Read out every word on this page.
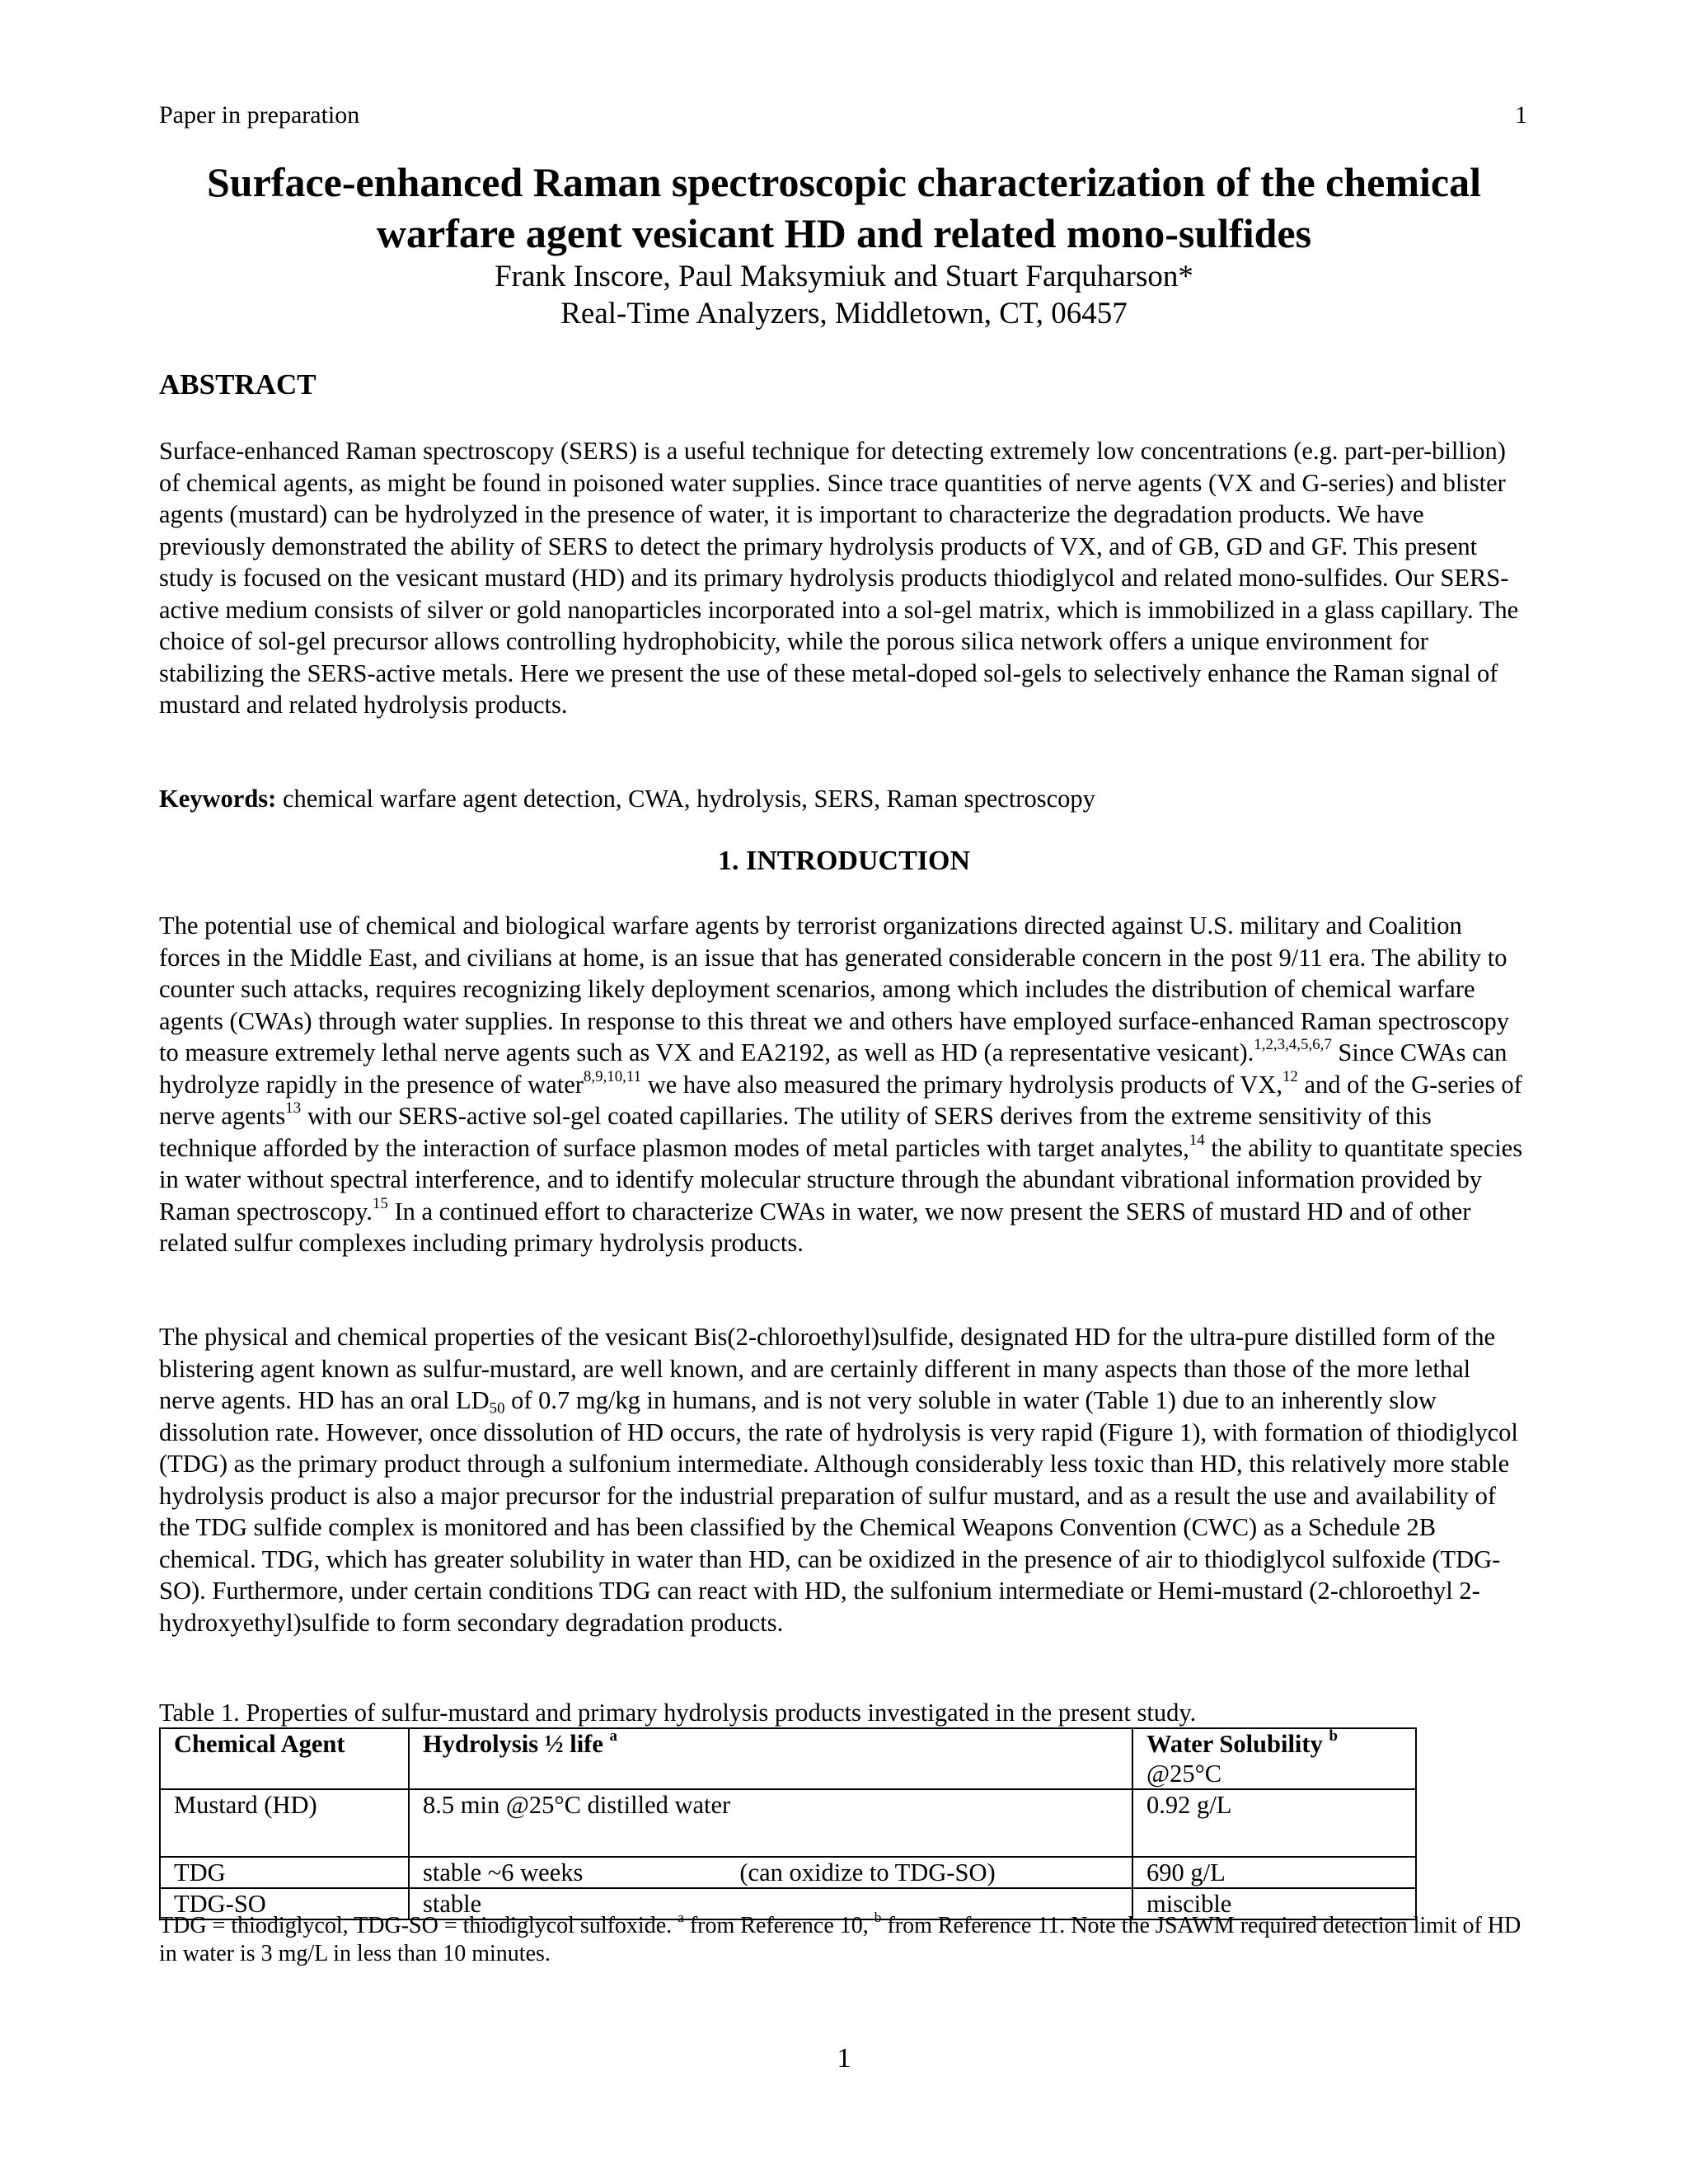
Paper in preparation	1
Surface-enhanced Raman spectroscopic characterization of the chemical
warfare agent vesicant HD and related mono-sulfides
Frank Inscore, Paul Maksymiuk and Stuart Farquharson*
Real-Time Analyzers, Middletown, CT, 06457
ABSTRACT
Surface-enhanced Raman spectroscopy (SERS) is a useful technique for detecting extremely low concentrations (e.g. part-per-billion) of chemical agents, as might be found in poisoned water supplies. Since trace quantities of nerve agents (VX and G-series) and blister agents (mustard) can be hydrolyzed in the presence of water, it is important to characterize the degradation products. We have previously demonstrated the ability of SERS to detect the primary hydrolysis products of VX, and of GB, GD and GF. This present study is focused on the vesicant mustard (HD) and its primary hydrolysis products thiodiglycol and related mono-sulfides. Our SERS-active medium consists of silver or gold nanoparticles incorporated into a sol-gel matrix, which is immobilized in a glass capillary. The choice of sol-gel precursor allows controlling hydrophobicity, while the porous silica network offers a unique environment for stabilizing the SERS-active metals. Here we present the use of these metal-doped sol-gels to selectively enhance the Raman signal of mustard and related hydrolysis products.
Keywords: chemical warfare agent detection, CWA, hydrolysis, SERS, Raman spectroscopy
1. INTRODUCTION
The potential use of chemical and biological warfare agents by terrorist organizations directed against U.S. military and Coalition forces in the Middle East, and civilians at home, is an issue that has generated considerable concern in the post 9/11 era. The ability to counter such attacks, requires recognizing likely deployment scenarios, among which includes the distribution of chemical warfare agents (CWAs) through water supplies. In response to this threat we and others have employed surface-enhanced Raman spectroscopy to measure extremely lethal nerve agents such as VX and EA2192, as well as HD (a representative vesicant).$^{1,2,3,4,5,6,7}$ Since CWAs can hydrolyze rapidly in the presence of water$^{8,9,10,11}$ we have also measured the primary hydrolysis products of VX,$^{12}$ and of the G-series of nerve agents$^{13}$ with our SERS-active sol-gel coated capillaries. The utility of SERS derives from the extreme sensitivity of this technique afforded by the interaction of surface plasmon modes of metal particles with target analytes,$^{14}$ the ability to quantitate species in water without spectral interference, and to identify molecular structure through the abundant vibrational information provided by Raman spectroscopy.$^{15}$ In a continued effort to characterize CWAs in water, we now present the SERS of mustard HD and of other related sulfur complexes including primary hydrolysis products.
The physical and chemical properties of the vesicant Bis(2-chloroethyl)sulfide, designated HD for the ultra-pure distilled form of the blistering agent known as sulfur-mustard, are well known, and are certainly different in many aspects than those of the more lethal nerve agents. HD has an oral $LD_{50}$ of 0.7 mg/kg in humans, and is not very soluble in water (Table 1) due to an inherently slow dissolution rate. However, once dissolution of HD occurs, the rate of hydrolysis is very rapid (Figure 1), with formation of thiodiglycol (TDG) as the primary product through a sulfonium intermediate. Although considerably less toxic than HD, this relatively more stable hydrolysis product is also a major precursor for the industrial preparation of sulfur mustard, and as a result the use and availability of the TDG sulfide complex is monitored and has been classified by the Chemical Weapons Convention (CWC) as a Schedule 2B chemical. TDG, which has greater solubility in water than HD, can be oxidized in the presence of air to thiodiglycol sulfoxide (TDG-SO). Furthermore, under certain conditions TDG can react with HD, the sulfonium intermediate or Hemi-mustard (2-chloroethyl 2-hydroxyethyl)sulfide to form secondary degradation products.
Table 1. Properties of sulfur-mustard and primary hydrolysis products investigated in the present study.
Chemical Agent	Hydrolysis ½ life $^a$	Water Solubility $^b$ @25°C
Mustard (HD)	8.5 min @25°C distilled water	0.92 g/L
TDG	stable ~6 weeks (can oxidize to TDG-SO)	690 g/L
TDG-SO	stable	miscible
TDG = thiodiglycol, TDG-SO = thiodiglycol sulfoxide. $^a$ from Reference 10, $^b$ from Reference 11. Note the JSAWM required detection limit of HD in water is 3 mg/L in less than 10 minutes.
1
